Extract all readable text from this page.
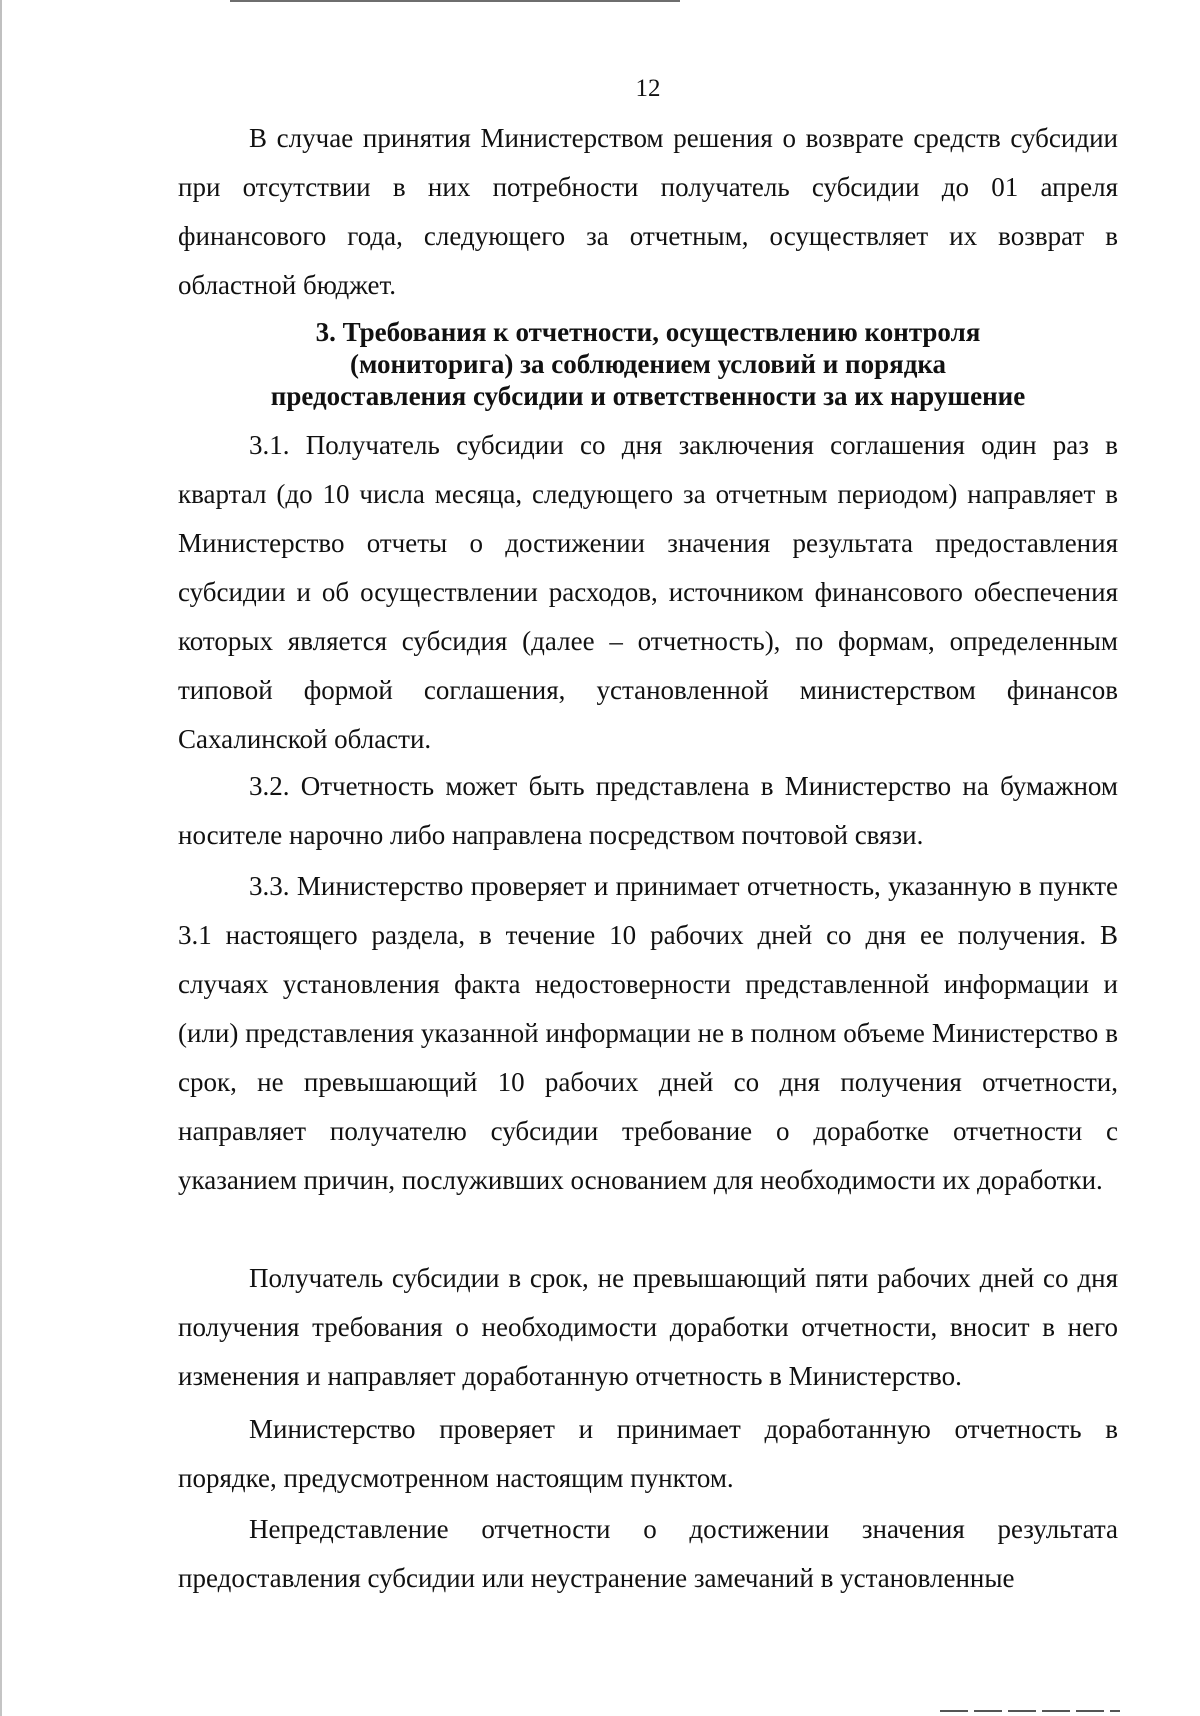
12

В случае принятия Министерством решения о возврате средств субсидии при отсутствии в них потребности получатель субсидии до 01 апреля финансового года, следующего за отчетным, осуществляет их возврат в областной бюджет.

3. Требования к отчетности, осуществлению контроля
(мониторига) за соблюдением условий и порядка
предоставления субсидии и ответственности за их нарушение

3.1. Получатель субсидии со дня заключения соглашения один раз в квартал (до 10 числа месяца, следующего за отчетным периодом) направляет в Министерство отчеты о достижении значения результата предоставления субсидии и об осуществлении расходов, источником финансового обеспечения которых является субсидия (далее – отчетность), по формам, определенным типовой формой соглашения, установленной министерством финансов Сахалинской области.

3.2. Отчетность может быть представлена в Министерство на бумажном носителе нарочно либо направлена посредством почтовой связи.

3.3. Министерство проверяет и принимает отчетность, указанную в пункте 3.1 настоящего раздела, в течение 10 рабочих дней со дня ее получения. В случаях установления факта недостоверности представленной информации и (или) представления указанной информации не в полном объеме Министерство в срок, не превышающий 10 рабочих дней со дня получения отчетности, направляет получателю субсидии требование о доработке отчетности с указанием причин, послуживших основанием для необходимости их доработки.

Получатель субсидии в срок, не превышающий пяти рабочих дней со дня получения требования о необходимости доработки отчетности, вносит в него изменения и направляет доработанную отчетность в Министерство.

Министерство проверяет и принимает доработанную отчетность в порядке, предусмотренном настоящим пунктом.

Непредставление отчетности о достижении значения результата предоставления субсидии или неустранение замечаний в установленные
